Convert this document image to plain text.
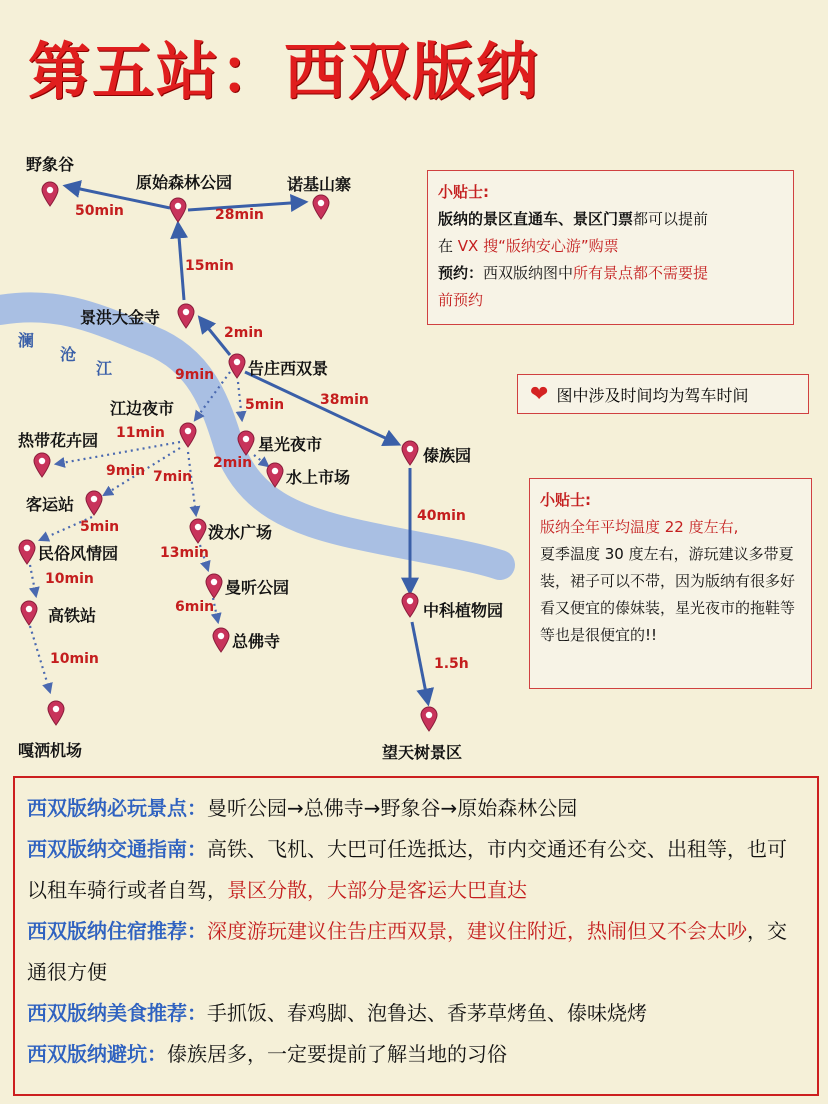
第五站：西双版纳
澜
沧
江
野象谷
原始森林公园	诺基山寨
景洪大金寺
告庄西双景
江边夜市
星光夜市
水上市场
热带花卉园
客运站
民俗风情园
高铁站
嘎洒机场
泼水广场
曼听公园
总佛寺
傣族园
中科植物园
望天树景区
50min	28min
15min
2min
9min
5min	38min
11min
9min 7min
2min
5min
13min
6min
10min
10min
40min
1.5h
小贴士:
版纳的景区直通车、景区门票都可以提前
在 VX 搜“版纳安心游”购票
预约：西双版纳图中所有景点都不需要提
前预约
❤ 图中涉及时间均为驾车时间
小贴士:
版纳全年平均温度 22 度左右,
夏季温度 30 度左右，游玩建议多带夏装，裙子可以不带，因为版纳有很多好看又便宜的傣妹装，星光夜市的拖鞋等等也是很便宜的!!
西双版纳必玩景点：曼听公园→总佛寺→野象谷→原始森林公园
西双版纳交通指南：高铁、飞机、大巴可任选抵达，市内交通还有公交、出租等，也可以租车骑行或者自驾，景区分散，大部分是客运大巴直达
西双版纳住宿推荐：深度游玩建议住告庄西双景，建议住附近，热闹但又不会太吵，交通很方便
西双版纳美食推荐：手抓饭、春鸡脚、泡鲁达、香茅草烤鱼、傣味烧烤
西双版纳避坑：傣族居多，一定要提前了解当地的习俗
